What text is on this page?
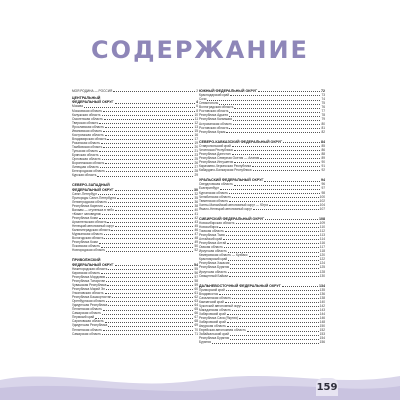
СОДЕРЖАНИЕ
МОЯ РОДИНА — РОССИЯ	2
ЦЕНТРАЛЬНЫЙ
ФЕДЕРАЛЬНЫЙ ОКРУГ	4
Москва	6
Московская область	8
Калужская область	10
Смоленская область	11
Тверская область	12
Ярославская область	13
Ивановская область	15
Костромская область	16
Владимирская область	17
Рязанская область	19
Тамбовская область	20
Тульская область	21
Брянская область	23
Орловская область	25
Воронежская область	26
Липецкая область	27
Белгородская область	28
Курская область	29
СЕВЕРО-ЗАПАДНЫЙ
ФЕДЕРАЛЬНЫЙ ОКРУГ	30
Санкт-Петербург	32
Пригороды Санкт-Петербурга	35
Ленинградская область	36
Республика Карелия	38
Валаам — ступенька в небо	40
«Кижи» заповедник	41
Республика Коми	42
Архангельская область	43
Ненецкий автономный округ	45
Калининградская область	46
Мурманская область	47
Вологодская область	48
Республика Коми	49
Псковская область	50
Новгородская область	52
ПРИВОЛЖСКИЙ
ФЕДЕРАЛЬНЫЙ ОКРУГ	54
Нижегородская область	55
Кировская область	56
Республика Мордовия	57
Республика Татарстан	58
Чувашская Республика	59
Республика Марий Эл	60
Ульяновская область	61
Республика Башкортостан	62
Оренбургская область	63
Удмуртская Республика	64
Пензенская область	65
Самарская область	66
Пермский край	67
Саратовская область	68
Удмуртская Республика	69
Пензенская область	70
Самарская область	71
ЮЖНЫЙ ФЕДЕРАЛЬНЫЙ ОКРУГ	72
Краснодарский край	73
Сочи	74
Севастополь	75
Волгоградская область	76
Ростовская область	77
Республика Адыгея	78
Республика Калмыкия	79
Астраханская область	80
Ростовская область	81
Республика Крым	82
СЕВЕРО-КАВКАЗСКИЙ ФЕДЕРАЛЬНЫЙ ОКРУГ	84
Ставропольский край	85
Чеченская Республика	86
Республика Дагестан	88
Республика Северная Осетия — Алания	89
Республика Ингушетия	90
Карачаево-Черкесская Республика	91
Кабардино-Балкарская Республика	92
УРАЛЬСКИЙ ФЕДЕРАЛЬНЫЙ ОКРУГ	94
Свердловская область	96
Екатеринбург	97
Курганская область	98
Челябинская область	100
Тюменская область	102
Ханты-Мансийский автономный округ — Югра	104
Ямало-Ненецкий автономный округ	107
СИБИРСКИЙ ФЕДЕРАЛЬНЫЙ ОКРУГ	108
Новосибирская область	109
Новосибирск	110
Томская область	112
Республика Тыва	113
Алтайский край	114
Республика Алтай	116
Омская область	117
Иркутская область	118
Кемеровская область — Кузбасс	120
Красноярский край	122
Республика Хакасия	124
Республика Бурятия	125
Иркутская область	128
Священный Байкал	130
ДАЛЬНЕВОСТОЧНЫЙ ФЕДЕРАЛЬНЫЙ ОКРУГ	134
Приморский край	135
Владивосток	136
Сахалинская область	138
Камчатский край	140
Чукотский автономный округ	142
Магаданская область	143
Хабаровский край	144
Республика Саха (Якутия)	146
Хабаровский край	148
Амурская область	150
Еврейская автономная область	152
Забайкальский край	153
Республика Бурятия	154
Бурятия	156
159
